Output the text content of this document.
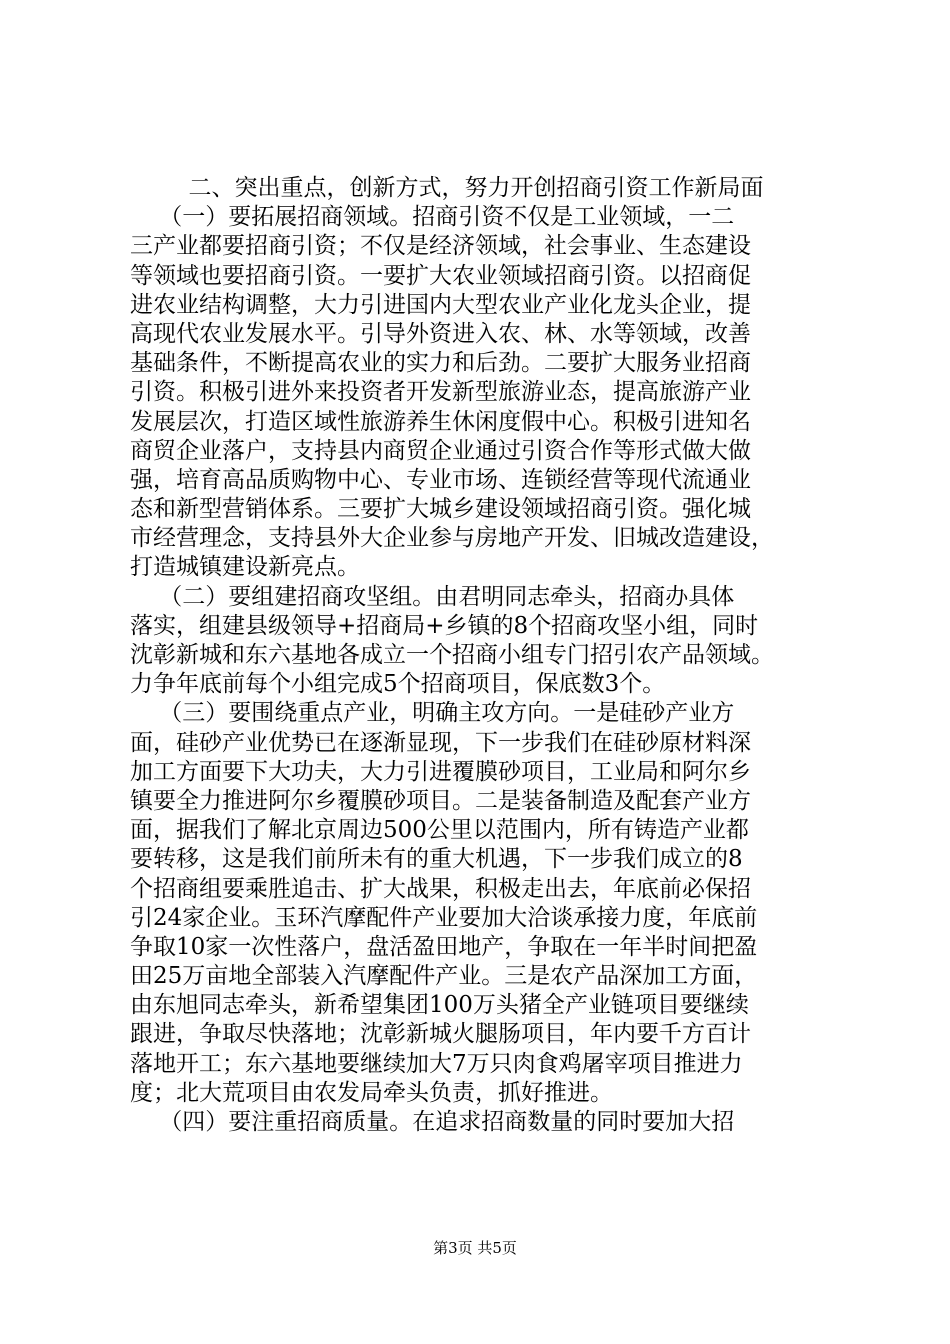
二、突出重点，创新方式，努力开创招商引资工作新局面
（一）要拓展招商领域。招商引资不仅是工业领域，一二
三产业都要招商引资；不仅是经济领域，社会事业、生态建设
等领域也要招商引资。一要扩大农业领域招商引资。以招商促
进农业结构调整，大力引进国内大型农业产业化龙头企业，提
高现代农业发展水平。引导外资进入农、林、水等领域，改善
基础条件，不断提高农业的实力和后劲。二要扩大服务业招商
引资。积极引进外来投资者开发新型旅游业态，提高旅游产业
发展层次，打造区域性旅游养生休闲度假中心。积极引进知名
商贸企业落户，支持县内商贸企业通过引资合作等形式做大做
强，培育高品质购物中心、专业市场、连锁经营等现代流通业
态和新型营销体系。三要扩大城乡建设领域招商引资。强化城
市经营理念，支持县外大企业参与房地产开发、旧城改造建设，
打造城镇建设新亮点。
（二）要组建招商攻坚组。由君明同志牵头，招商办具体
落实，组建县级领导+招商局+乡镇的8个招商攻坚小组，同时
沈彰新城和东六基地各成立一个招商小组专门招引农产品领域。
力争年底前每个小组完成5个招商项目，保底数3个。
（三）要围绕重点产业，明确主攻方向。一是硅砂产业方
面，硅砂产业优势已在逐渐显现，下一步我们在硅砂原材料深
加工方面要下大功夫，大力引进覆膜砂项目，工业局和阿尔乡
镇要全力推进阿尔乡覆膜砂项目。二是装备制造及配套产业方
面，据我们了解北京周边500公里以范围内，所有铸造产业都
要转移，这是我们前所未有的重大机遇，下一步我们成立的8
个招商组要乘胜追击、扩大战果，积极走出去，年底前必保招
引24家企业。玉环汽摩配件产业要加大洽谈承接力度，年底前
争取10家一次性落户，盘活盈田地产，争取在一年半时间把盈
田25万亩地全部装入汽摩配件产业。三是农产品深加工方面，
由东旭同志牵头，新希望集团100万头猪全产业链项目要继续
跟进，争取尽快落地；沈彰新城火腿肠项目，年内要千方百计
落地开工；东六基地要继续加大7万只肉食鸡屠宰项目推进力
度；北大荒项目由农发局牵头负责，抓好推进。
（四）要注重招商质量。在追求招商数量的同时要加大招
第3页 共5页
